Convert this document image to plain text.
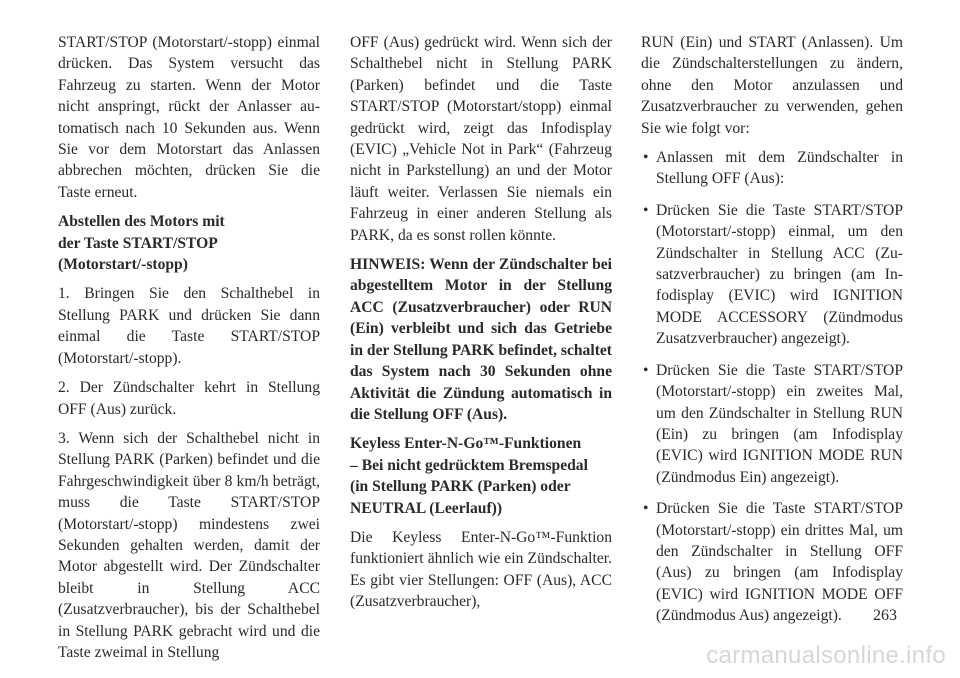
START/STOP (Motorstart/-stopp) einmal drücken. Das System versucht das Fahrzeug zu starten. Wenn der Motor nicht anspringt, rückt der Anlasser automatisch nach 10 Sekunden aus. Wenn Sie vor dem Motorstart das Anlassen abbrechen möchten, drücken Sie die Taste erneut.

Abstellen des Motors mit
der Taste START/STOP
(Motorstart/-stopp)

1. Bringen Sie den Schalthebel in Stellung PARK und drücken Sie dann einmal die Taste START/STOP (Motorstart/-stopp).

2. Der Zündschalter kehrt in Stellung OFF (Aus) zurück.

3. Wenn sich der Schalthebel nicht in Stellung PARK (Parken) befindet und die Fahrgeschwindigkeit über 8 km/h beträgt, muss die Taste START/STOP (Motorstart/-stopp) mindestens zwei Sekunden gehalten werden, damit der Motor abgestellt wird. Der Zündschalter bleibt in Stellung ACC (Zusatzverbraucher), bis der Schalthebel in Stellung PARK gebracht wird und die Taste zweimal in Stellung

OFF (Aus) gedrückt wird. Wenn sich der Schalthebel nicht in Stellung PARK (Parken) befindet und die Taste START/STOP (Motorstart/stopp) einmal gedrückt wird, zeigt das Infodisplay (EVIC) „Vehicle Not in Park“ (Fahrzeug nicht in Parkstellung) an und der Motor läuft weiter. Verlassen Sie niemals ein Fahrzeug in einer anderen Stellung als PARK, da es sonst rollen könnte.

HINWEIS: Wenn der Zündschalter bei abgestelltem Motor in der Stellung ACC (Zusatzverbraucher) oder RUN (Ein) verbleibt und sich das Getriebe in der Stellung PARK befindet, schaltet das System nach 30 Sekunden ohne Aktivität die Zündung automatisch in die Stellung OFF (Aus).

Keyless Enter-N-Go™-Funktionen
– Bei nicht gedrücktem Bremspedal
(in Stellung PARK (Parken) oder
NEUTRAL (Leerlauf))

Die Keyless Enter-N-Go™-Funktion funktioniert ähnlich wie ein Zündschalter. Es gibt vier Stellungen: OFF (Aus), ACC (Zusatzverbraucher),

RUN (Ein) und START (Anlassen). Um die Zündschalterstellungen zu ändern, ohne den Motor anzulassen und Zusatzverbraucher zu verwenden, gehen Sie wie folgt vor:

• Anlassen mit dem Zündschalter in Stellung OFF (Aus):
• Drücken Sie die Taste START/STOP (Motorstart/-stopp) einmal, um den Zündschalter in Stellung ACC (Zusatzverbraucher) zu bringen (am Infodisplay (EVIC) wird IGNITION MODE ACCESSORY (Zündmodus Zusatzverbraucher) angezeigt).
• Drücken Sie die Taste START/STOP (Motorstart/-stopp) ein zweites Mal, um den Zündschalter in Stellung RUN (Ein) zu bringen (am Infodisplay (EVIC) wird IGNITION MODE RUN (Zündmodus Ein) angezeigt).
• Drücken Sie die Taste START/STOP (Motorstart/-stopp) ein drittes Mal, um den Zündschalter in Stellung OFF (Aus) zu bringen (am Infodisplay (EVIC) wird IGNITION MODE OFF (Zündmodus Aus) angezeigt).	263
carmanualsonline.info
